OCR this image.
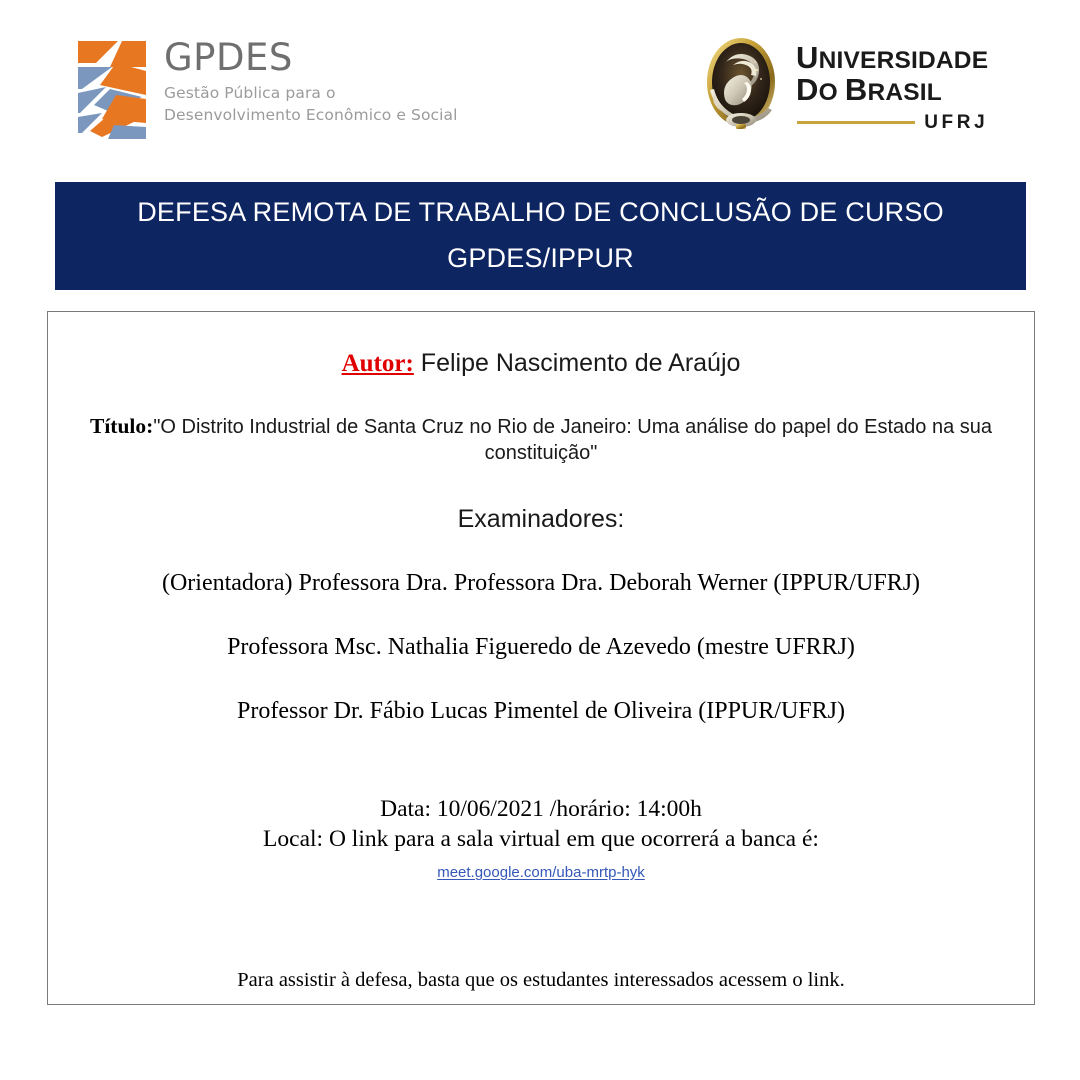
GPDES
Gestão Pública para o
Desenvolvimento Econômico e Social
UNIVERSIDADE
DO BRASIL
UFRJ
DEFESA REMOTA DE TRABALHO DE CONCLUSÃO DE CURSO
GPDES/IPPUR
Autor: Felipe Nascimento de Araújo
Título:"O Distrito Industrial de Santa Cruz no Rio de Janeiro: Uma análise do papel do Estado na sua constituição"
Examinadores:
(Orientadora) Professora Dra. Professora Dra. Deborah Werner (IPPUR/UFRJ)
Professora Msc. Nathalia Figueredo de Azevedo (mestre UFRRJ)
Professor Dr. Fábio Lucas Pimentel de Oliveira (IPPUR/UFRJ)
Data: 10/06/2021 /horário: 14:00h
Local: O link para a sala virtual em que ocorrerá a banca é:
meet.google.com/uba-mrtp-hyk
Para assistir à defesa, basta que os estudantes interessados acessem o link.
